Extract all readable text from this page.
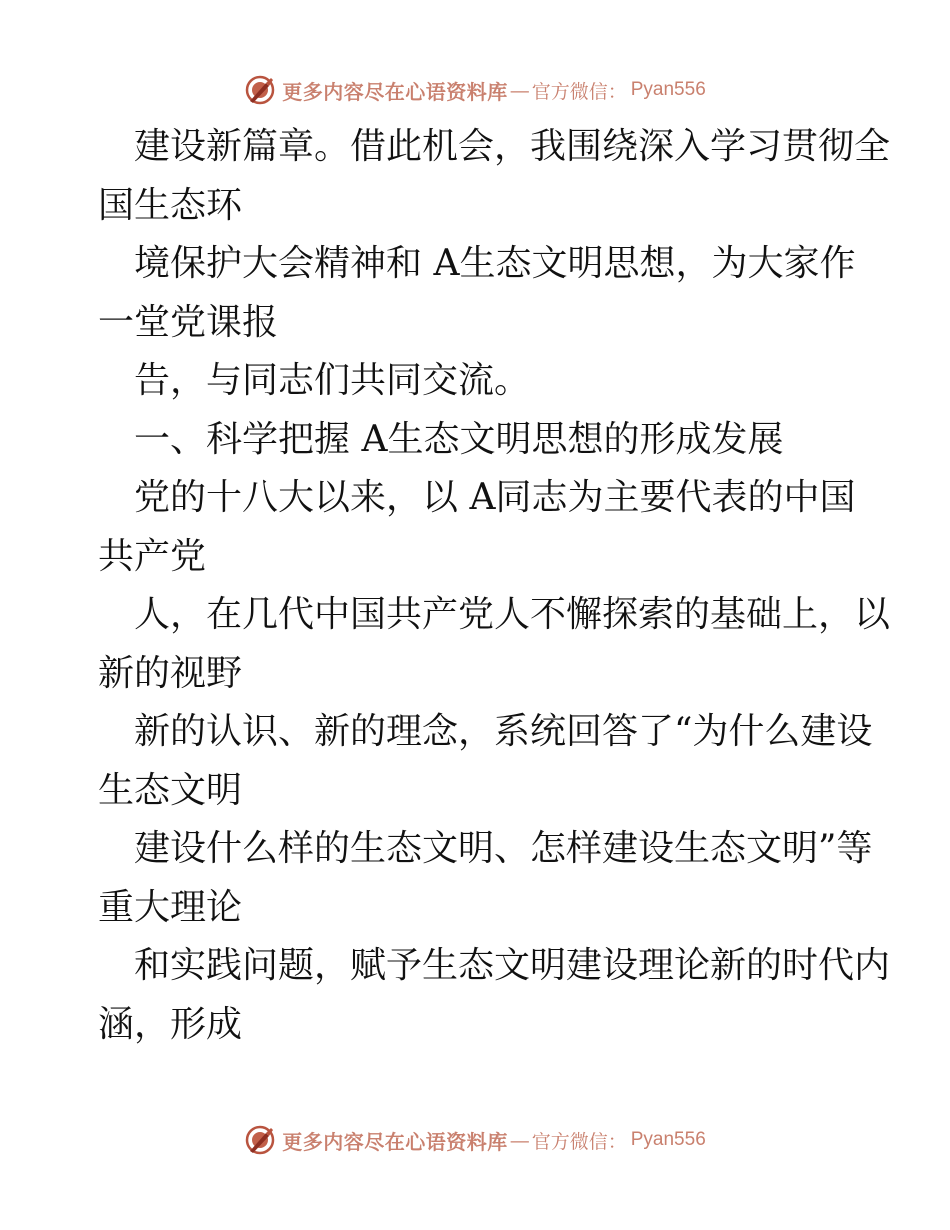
更多内容尽在心语资料库 — 官方微信： Pyan556
建设新篇章。借此机会，我围绕深入学习贯彻全
国生态环
境保护大会精神和 A生态文明思想，为大家作
一堂党课报
告，与同志们共同交流。
一、科学把握 A生态文明思想的形成发展
党的十八大以来，以 A同志为主要代表的中国
共产党
人，在几代中国共产党人不懈探索的基础上，以
新的视野
新的认识、新的理念，系统回答了“为什么建设
生态文明
建设什么样的生态文明、怎样建设生态文明”等
重大理论
和实践问题，赋予生态文明建设理论新的时代内
涵，形成
更多内容尽在心语资料库 — 官方微信： Pyan556
